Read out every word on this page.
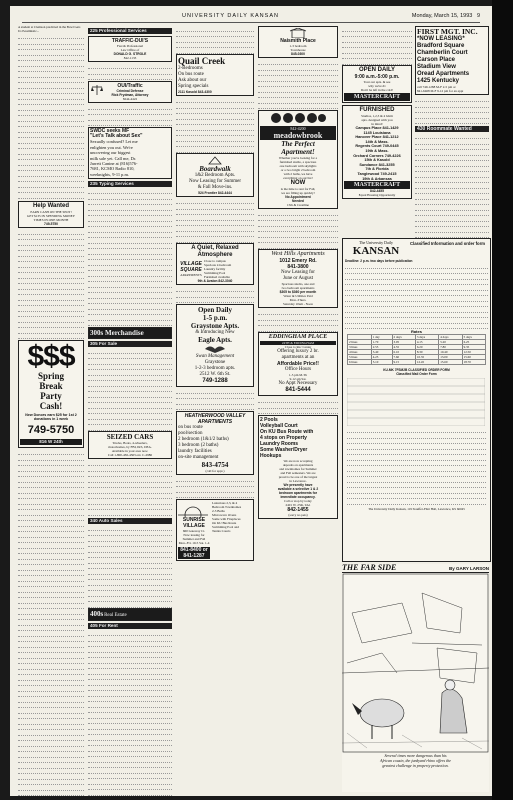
UNIVERSITY DAILY KANSAN	Monday, March 15, 1993 9
A student at Clemson predicted in the Bowl Gets Us Pessimistic...
Help Wanted
EARN CASH ON THE SPOT!
GET $135 IN SPENDING MONEY
TIMES IN ONE MONTH
749-5750
$$$
Spring
Break
Party
Cash!
New Donors earn $25 for 1st 2 donations in 1 week
749-5750
816 W 24th
225 Professional Services
TRAFFIC-DUI'S
Fast & Professional
Law Office of
DONALD G. STROLE
842-1133
OUI/Traffic
Criminal Defense
Rick Frydman, Attorney
8244-4422
SWDC seeks MF
"Let's Talk about Sex"
Sexually confused? Let me
enlighten you out. We're
uncovering our biggest
milk sale yet. Call me, Dr.
Jarrett Canine at (816)576-
7681, KCMO Radio 810,
weeknights, 9-11 p.m.
235 Typing Services
300s Merchandise
305 For Sale
SEIZED CARS
Trucks, Boats, 4-wheelers,
motorhomes, by FBI, IRS, DEA.
Available in your area now.
Call 1-800-436-4363 ext. C-2986
340 Auto Sales
400s Real Estate
405 For Rent
Quail Creek
2-Bedrooms
On bus route
Ask about our
Spring specials
2111 Kasold 843-4300
Boardwalk
1&2 Bedroom Apts.
Now Leasing for Summer
& Fall Move-ins.
524 Frontier 842-4444
A Quiet, Relaxed
Atmosphere
VILLAGE SQUARE
APARTMENTS
Close to campus
Spacious 2-bedroom
Laundry facility
Swimming Pool
Furnished available
9th & Avalon 842-3040
Open Daily
1-5 p.m.
Graystone Apts.
& Introducing New
Eagle Apts.
Swan Management
Graystone
1-2-3 bedroom apts.
2512 W. 6th St.
749-1288
HEATHERWOOD VALLEY APARTMENTS
on bus route
pool/section
2 bedroom (1&1/2 baths)
3 bedroom (2 baths)
laundry facilities
on-site management
843-4754
(call for appt.)
SUNRISE VILLAGE
660 Gateway Ct.
Now leasing for
Summer and Fall
Mon.-Fri. 10-5 Sat. 1-4
841-8400 or 841-1287
Luxurious 2,3, & 4
Bedroom Townhomes
2-3 Baths
Microwave Ovens
Some with Fireplaces
On KU Bus Route
Swimming Pool and
Tennis Courts
Naismith Place
1-3 bedroom
Townhouse
845-0300
842-4200
meadowbrook
The Perfect
Apartment!
Whether you're looking for a
furnished studio, a spacious
one bedroom with skylights
or a two bright 2 bedroom
with 2 baths, we have
everything on our list!
NOW
is the time to rent for Fall,
we are filling up quickly!
No Appointment
Needed
15th & Crestline
West Hills Apartments
1012 Emery Rd.
841-3800
Now Leasing for
June or August
Spacious studio, one and
two bedroom apartments
$305 to $360 per month
Water & Utilities Paid
Mon.-Thurs.
Saturday 10am - Noon
EDDINGHAM PLACE
24TH & EDDINGHAM
Close to Rec Center
Offering luxury 2 br.
apartments at an
Affordable Price!!
Office Hours
1-5 pm M-Th
9-12 am Sat.
No Appt Necessary
841-5444
2 Pools
Volleyball Court
On KU Bus Route with
4 stops on Property
Laundry Rooms
Some Washer/Dryer
Hookups
We are now accepting
deposits on apartments
and townhomes for Summer
and Fall semesters. We are
proud to be one of the largest
in Lawrence.
We presently have
available a selective 1 & 2
bedroom apartments for
immediate occupancy.
Call or stop by today
2401 W. 25th, 9A1
842-1455
(sorry no pets)
OPEN DAILY
9:00 a.m.-5:00 p.m.
Tour our apts. & see
why we're #1
Don't be left in the cold!
MASTERCRAFT
FURNISHED
Studios, 1,2,3 & 4 bdrm
apts. designed with you
in mind!
Campus Place 841-1429
1145 Louisiana
Hanover Place 841-1212
14th & Mass.
Regents Court 749-0445
19th & Mass.
Orchard Corners 749-4226
15th & Kasold
Sundance 841-3255
7th & Florida
Tanglewood 749-2415
19th & Arkansas
MASTERCRAFT
842-4455
Equal Housing Opportunity
FIRST MGT. INC.
*NOW LEASING*
Bradford Square
Chamberlin Court
Carson Place
Stadium View
Oread Apartments
1425 Kentucky
call 749-1288 M-F 2-5 pm or
841-6468 M-F 9-12 pm for an appt
430 Roommate Wanted
The University Daily
KANSAN
Classified Information and order form
Deadline: 2 p.m. two days before publication
Rates
	1 day	2 days	3 days	4 days	5 days
2 lines	1.70	3.05	4.15	5.20	6.25
3 lines	2.55	4.55	6.20	7.80	9.35
4 lines	3.40	6.10	8.30	10.40	12.50
5 lines	4.25	7.60	10.35	13.00	15.60
6 lines	5.10	9.15	12.45	15.60	18.70
KU-MK 7FSM2B CLASSIFIED ORDER FORM
Classified Mail Order Form
The University Daily Kansan, 119 Stauffer-Flint Hall, Lawrence, KS 66045
THE FAR SIDE	By GARY LARSON
Several times more dangerous than his
African cousin, the junkyard rhino offers the
greatest challenge in property protection.
